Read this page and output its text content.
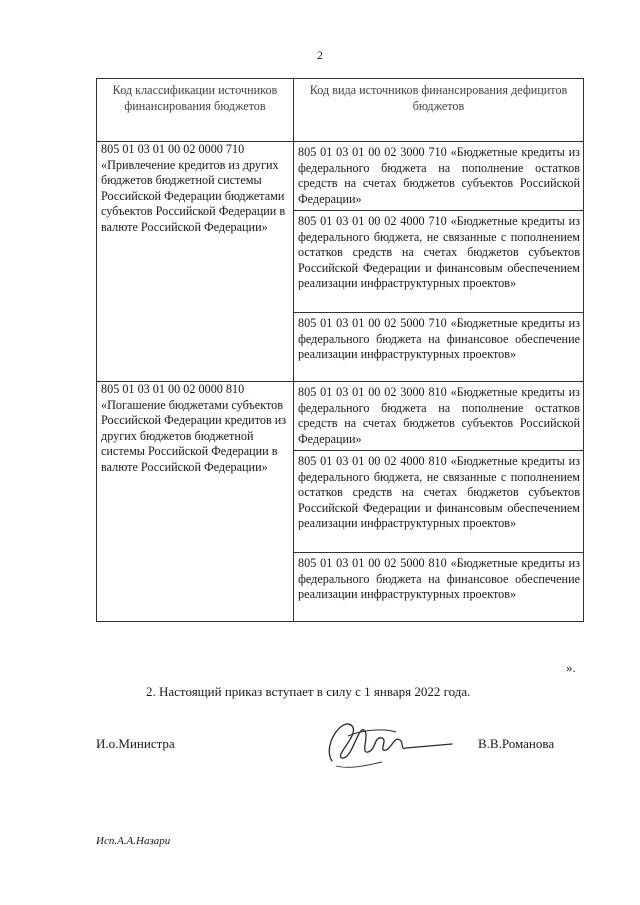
2
Код классификации источников финансирования бюджетов	Код вида источников финансирования дефицитов бюджетов
805 01 03 01 00 02 0000 710 «Привлечение кредитов из других бюджетов бюджетной системы Российской Федерации бюджетами субъектов Российской Федерации в валюте Российской Федерации»	805 01 03 01 00 02 3000 710 «Бюджетные кредиты из федерального бюджета на пополнение остатков средств на счетах бюджетов субъектов Российской Федерации»
	805 01 03 01 00 02 4000 710 «Бюджетные кредиты из федерального бюджета, не связанные с пополнением остатков средств на счетах бюджетов субъектов Российской Федерации и финансовым обеспечением реализации инфраструктурных проектов»
	805 01 03 01 00 02 5000 710 «Бюджетные кредиты из федерального бюджета на финансовое обеспечение реализации инфраструктурных проектов»
805 01 03 01 00 02 0000 810 «Погашение бюджетами субъектов Российской Федерации кредитов из других бюджетов бюджетной системы Российской Федерации в валюте Российской Федерации»	805 01 03 01 00 02 3000 810 «Бюджетные кредиты из федерального бюджета на пополнение остатков средств на счетах бюджетов субъектов Российской Федерации»
	805 01 03 01 00 02 4000 810 «Бюджетные кредиты из федерального бюджета, не связанные с пополнением остатков средств на счетах бюджетов субъектов Российской Федерации и финансовым обеспечением реализации инфраструктурных проектов»
	805 01 03 01 00 02 5000 810 «Бюджетные кредиты из федерального бюджета на финансовое обеспечение реализации инфраструктурных проектов»
».
2. Настоящий приказ вступает в силу с 1 января 2022 года.
И.о.Министра	В.В.Романова
Исп.А.А.Назари
